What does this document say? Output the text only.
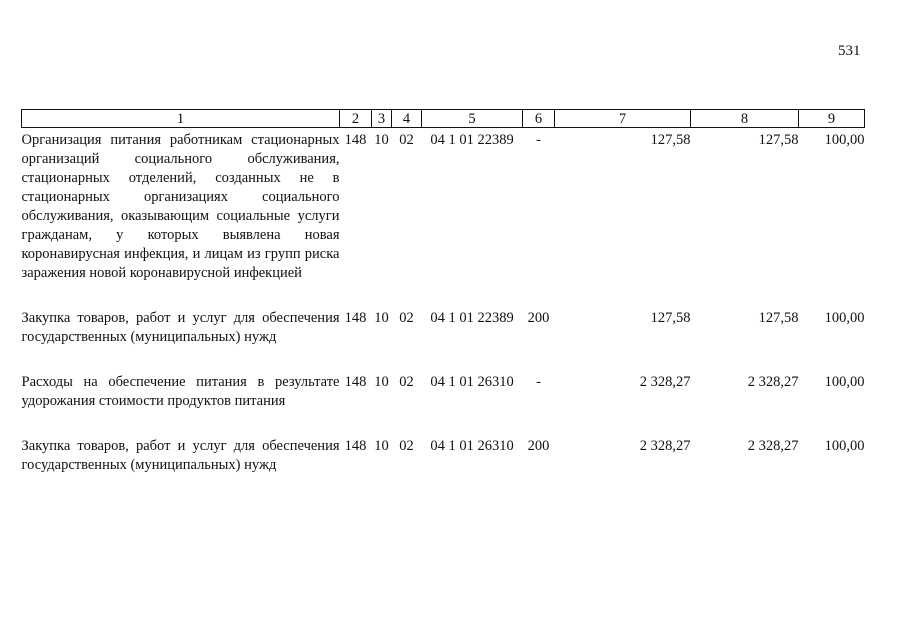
531
1	2	3	4	5	6	7	8	9
Организация питания работникам стационарных организаций социального обслуживания, стационарных отделений, созданных не в стационарных организациях социального обслуживания, оказывающим социальные услуги гражданам, у которых выявлена новая коронавирусная инфекция, и лицам из групп риска заражения новой коронавирусной инфекцией	148	10	02	04 1 01 22389	-	127,58	127,58	100,00

Закупка товаров, работ и услуг для обеспечения государственных (муниципальных) нужд	148	10	02	04 1 01 22389	200	127,58	127,58	100,00

Расходы на обеспечение питания в результате удорожания стоимости продуктов питания	148	10	02	04 1 01 26310	-	2 328,27	2 328,27	100,00

Закупка товаров, работ и услуг для обеспечения государственных (муниципальных) нужд	148	10	02	04 1 01 26310	200	2 328,27	2 328,27	100,00
